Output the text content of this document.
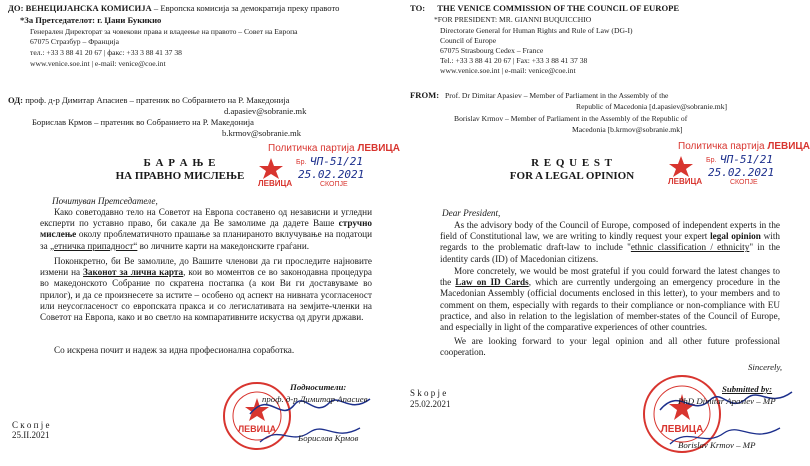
ДО: ВЕНЕЦИЈАНСКА КОМИСИЈА – Европска комисија за демократија преку правото
*За Претседателот: г. Џани Букикио
Генерален Директорат за човекови права и владеење на правото – Совет на Европа
67075 Стразбур – Франција
тел.: +33 3 88 41 20 67 | факс: +33 3 88 41 37 38
www.venice.soe.int | e-mail: venice@coe.int
ОД: проф. д-р Димитар Апасиев – пратеник во Собранието на Р. Македонија
d.apasiev@sobranie.mk
Борислав Крмов – пратеник во Собранието на Р. Македонија
b.krmov@sobranie.mk
Б А Р А Њ Е
НА ПРАВНО МИСЛЕЊЕ
Политичка партија ЛЕВИЦА
ЛЕВИЦА
Бр. ЧП-51/21
25.02.2021
СКОПЈЕ
Почитуван Претседателе,
Како советодавно тело на Советот на Европа составено од независни и угледни експерти по уставно право, би сакале да Ве замолиме да дадете Ваше стручно мислење околу проблематичното прашање за планираното вклучување на податоци за „етничка припадност“ во личните карти на македонските граѓани.
Поконкретно, би Ве замолиле, до Вашите членови да ги проследите најновите измени на Законот за лична карта, кои во моментов се во законодавна процедура во македонското Собрание по скратена постапка (а кои Ви ги доставуваме во прилог), и да се произнесете за истите – особено од аспект на нивната усогласеност или неусогласеност со европската пракса и со легислативата на земјите-членки на Советот на Европа, како и во светло на компаративните искуства од други држави.
Со искрена почит и надеж за идна професионална соработка.
ЛЕВИЦА
Подносители:
проф. д-р Димитар Апасиев
Борислав Крмов
С к о п ј е
25.II.2021
TO: THE VENICE COMMISSION OF THE COUNCIL OF EUROPE
*FOR PRESIDENT: MR. GIANNI BUQUICCHIO
Directorate General for Human Rights and Rule of Law (DG-I)
Council of Europe
67075 Strasbourg Cedex – France
Tel.: +33 3 88 41 20 67 | Fax: +33 3 88 41 37 38
www.venice.soe.int | e-mail: venice@coe.int
FROM: Prof. Dr Dimitar Apasiev – Member of Parliament in the Assembly of the
Republic of Macedonia [d.apasiev@sobranie.mk]
Borislav Krmov – Member of Parliament in the Assembly of the Republic of
Macedonia [b.krmov@sobranie.mk]
R E Q U E S T
FOR A LEGAL OPINION
Политичка партија ЛЕВИЦА
ЛЕВИЦА
Бр. ЧП-51/21
25.02.2021
СКОПЈЕ
Dear President,
As the advisory body of the Council of Europe, composed of independent experts in the field of Constitutional law, we are writing to kindly request your expert legal opinion with regards to the problematic draft-law to include "ethnic classification / ethnicity" in the identity cards (ID) of Macedonian citizens.
More concretely, we would be most grateful if you could forward the latest changes to the Law on ID Cards, which are currently undergoing an emergency procedure in the Macedonian Assembly (official documents enclosed in this letter), to your members and to comment on them, especially with regards to their compliance or non-compliance with EU practice, and also in relation to the legislation of member-states of the Council of Europe, and especially in light of the comparative experiences of other countries.
We are looking forward to your legal opinion and all other future professional cooperation.
ЛЕВИЦА
Sincerely,
Submitted by:
PhD Dimitar Apasiev – MP
Borislav Krmov – MP
S k o p j e
25.02.2021
